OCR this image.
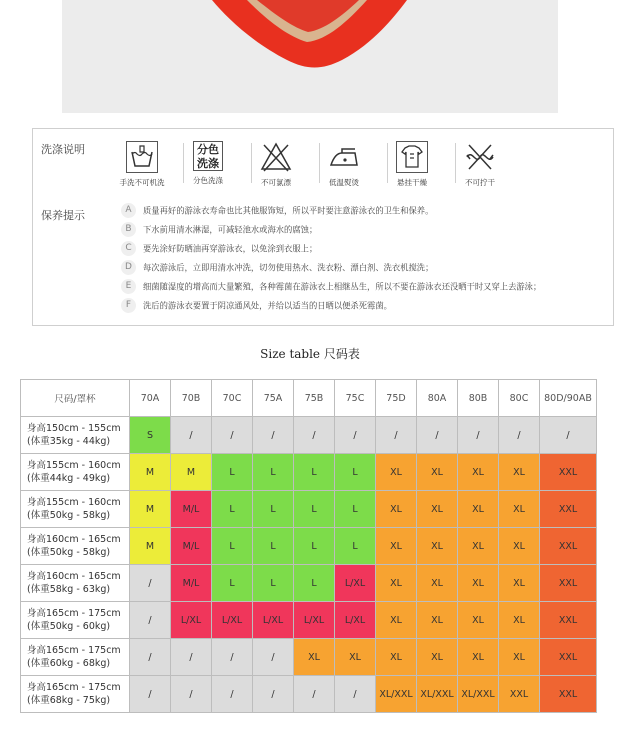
洗涤说明
手洗不可机洗
分色
洗涤
分色洗涤	不可氯漂	低温熨烫	悬挂干燥	不可拧干
保养提示	A 质量再好的游泳衣寿命也比其他服饰短，所以平时要注意游泳衣的卫生和保养。
B 下水前用清水淋湿，可减轻池水或海水的腐蚀；
C 要先涂好防晒油再穿游泳衣，以免涂到衣服上；
D 每次游泳后，立即用清水冲洗，切勿使用热水、洗衣粉、漂白剂、洗衣机搅洗；
E 细菌随湿度的增高而大量繁殖，各种霉菌在游泳衣上相继丛生，所以不要在游泳衣还没晒干时又穿上去游泳；
F 洗后的游泳衣要置于阴凉通风处，并给以适当的日晒以便杀死霉菌。
Size table 尺码表
尺码/罩杯	70A	70B	70C	75A	75B	75C	75D	80A	80B	80C	80D/90AB

身高150cm - 155cm
(体重35kg - 44kg)	S	/	/	/	/	/	/	/	/	/	/

身高155cm - 160cm
(体重44kg - 49kg)	M	M	L	L	L	L	XL	XL	XL	XL	XXL

身高155cm - 160cm
(体重50kg - 58kg)	M	M/L	L	L	L	L	XL	XL	XL	XL	XXL

身高160cm - 165cm
(体重50kg - 58kg)	M	M/L	L	L	L	L	XL	XL	XL	XL	XXL

身高160cm - 165cm
(体重58kg - 63kg)	/	M/L	L	L	L	L/XL	XL	XL	XL	XL	XXL

身高165cm - 175cm
(体重50kg - 60kg)	/	L/XL	L/XL	L/XL	L/XL	L/XL	XL	XL	XL	XL	XXL

身高165cm - 175cm
(体重60kg - 68kg)	/	/	/	/	XL	XL	XL	XL	XL	XL	XXL

身高165cm - 175cm
(体重68kg - 75kg)	/	/	/	/	/	/	XL/XXL	XL/XXL	XL/XXL	XXL	XXL
